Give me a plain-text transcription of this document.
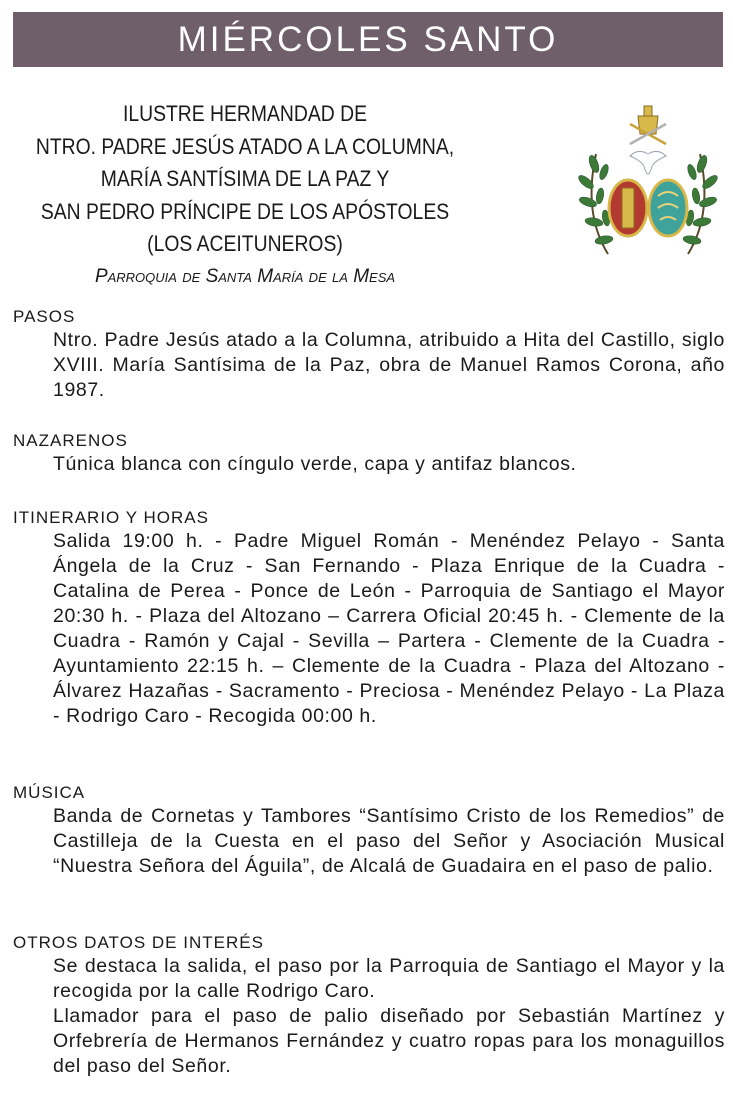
MIÉRCOLES SANTO
ILUSTRE HERMANDAD DE
NTRO. PADRE JESÚS ATADO A LA COLUMNA,
MARÍA SANTÍSIMA DE LA PAZ Y
SAN PEDRO PRÍNCIPE DE LOS APÓSTOLES
(LOS ACEITUNEROS)
Parroquia de Santa María de la Mesa
PASOS

Ntro. Padre Jesús atado a la Columna, atribuido a Hita del Castillo, siglo XVIII. María Santísima de la Paz, obra de Manuel Ramos Corona, año 1987.

NAZARENOS

Túnica blanca con cíngulo verde, capa y antifaz blancos.

ITINERARIO Y HORAS

Salida 19:00 h. - Padre Miguel Román - Menéndez Pelayo - Santa Ángela de la Cruz - San Fernando - Plaza Enrique de la Cuadra - Catalina de Perea - Ponce de León - Parroquia de Santiago el Mayor 20:30 h. - Plaza del Altozano – Carrera Oficial 20:45 h. - Clemente de la Cuadra - Ramón y Cajal - Sevilla – Partera - Clemente de la Cuadra - Ayuntamiento 22:15 h. – Clemente de la Cuadra - Plaza del Altozano - Álvarez Hazañas - Sacramento - Preciosa - Menéndez Pelayo - La Plaza - Rodrigo Caro - Recogida 00:00 h.

MÚSICA

Banda de Cornetas y Tambores “Santísimo Cristo de los Remedios” de Castilleja de la Cuesta en el paso del Señor y Asociación Musical “Nuestra Señora del Águila”, de Alcalá de Guadaira en el paso de palio.

OTROS DATOS DE INTERÉS

Se destaca la salida, el paso por la Parroquia de Santiago el Mayor y la recogida por la calle Rodrigo Caro.

Llamador para el paso de palio diseñado por Sebastián Martínez y Orfebrería de Hermanos Fernández y cuatro ropas para los monaguillos del paso del Señor.
